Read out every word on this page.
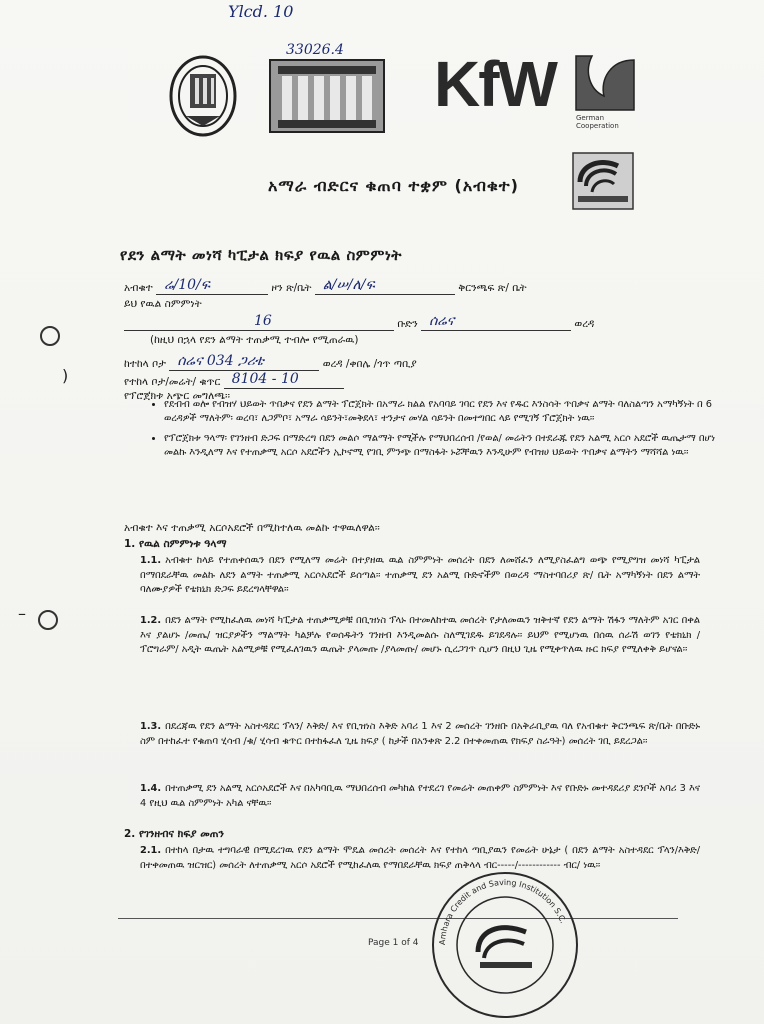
Ylcd. 10
33026.4 KfW	German Cooperation
አማራ ብድርና ቁጠባ ተቋም (አብቁተ)
የደን ልማት መነሻ ካፒታል ክፍያ የዉል ስምምነት
አብቁተ ሬ/10/ፍ	ዞን ጽ/ቤት ል/ሠ/ለ/ፍ	ቅርንጫፍ ጽ/ ቤት
ይህ የዉል ስምምነት
16	ቡድን ሰሬና	ወረዳ
(ከዚህ በኋላ የደን ልማት ተጠቃሚ ተብሎ የሚጠራዉ)
ከተከላ ቦታ ሰሬና 034 ጋሪቴ	ወረዳ /ቀበሌ /ጎጥ ጣቢያ
የተከላ ቦታ/መሬት/ ቁጥር 8104 - 10
የፕሮጀክቱ አጭር መግለጫ፡፡
• የደብብ ወሎ የብዝሃ ህይወት ጥበቃና የደን ልማት ፕሮጀክት በአማራ ክልል የአባባይ ገባር የደን እና የዱር እንስሳት ጥበቃና ልማት ባለስልጣን አማካኝነት በ 6 ወረዳዎች ማለትም፡ ወረባ፣ ለጋምቦ፣ አማራ ሳይንት፣መቅደላ፣ ተንታና መሃል ሳይንት በመተግበር ላይ የሚገኝ ፕሮጀክት ነዉ፡፡
• የፕሮጀክቱ ዓላማ፡ የገንዘብ ድጋፍ በማድረግ በደን መልሶ ማልማት የሚችሉ የማህበረሰብ /የወል/ መሬትን በተደራጁ የደን አልሚ አርሶ አደሮች ዉጤታማ በሆነ መልኩ እንዲለማ እና የተጠቃሚ አርሶ አደሮችን ኢኮኖሚ የገቢ ምንጭ በማስፋት ኑሯቸዉን እንዲሁም የብዝሀ ህይወት ጥበቃና ልማትን ማሻሻል ነዉ፡፡
አብቁተ እና ተጠቃሚ አርሶአደሮች በሚከተለዉ መልኩ ተዋዉለዋል፡፡
1. የዉል ስምምነቱ ዓላማ
1.1. አብቁተ ከላይ የተጠቀሰዉን በደን የሚለማ መሬት በተያዘዉ ዉል ስምምነት መሰረት በደን ለመሸፈን ለሚያስፈልግ ወጭ የሚያግዝ መነሻ ካፒታል በማበደራቸዉ መልኩ ለደን ልማት ተጠቃሚ አርሶአደሮች ይሰጣል፡፡ ተጠቃሚ ደን አልሚ ቡድኖችም በወረዳ ማስተባበሪያ ጽ/ ቤት አማካኝነት በደን ልማት ባለሙያዎች የቴክኒክ ድጋፍ ይደረግላቸዋል፡፡
1.2. በደን ልማት የሚከፈለዉ መነሻ ካፒታል ተጠቃሚዎቹ በቢዝነስ ፕላኑ በተመለከተዉ መሰረት የታለመዉን ዝቅተኛ የደን ልማት ሽፋን ማለትም አገር በቀል እና ያልሆኑ /መጤ/ ዝርያዎችን ማልማት ካልቻሉ የወሰዱትን ገንዘብ እንዲመልሱ ስለሚገደዱ ይገደዳሉ፡፡ ይህም የሚሆነዉ በሰዉ ሰራሽ ወገን የቴክኒክ /ፕሮግራም/ አዲት ዉጤት አልሚዎቹ የሚፈለገዉን ዉጤት ያላመጡ /ያላመጡ/ መሆኑ ሲረጋገጥ ሲሆን በዚህ ጊዜ የሚቀጥለዉ ዙር ክፍያ የሚለቀቅ ይሆናል፡፡
1.3. በደረጃዉ የደን ልማት አስተዳደር ፕላን/ እቅድ/ እና የቢዝነስ እቅድ አባሪ 1 እና 2 መሰረት ገንዘቡ በአቅራቢያዉ ባለ የአብቁተ ቅርንጫፍ ጽ/ቤት በቡድኑ ስም በተከፈተ የቁጠባ ሂሳብ /ቁ/ ሂሳብ ቁጥር በተከፋፈለ ጊዜ ክፍያ ( ከታች በአንቀጽ 2.2 በተቀመጠዉ የክፍያ ስራዓት) መሰረት ገቢ ይደረጋል፡፡
1.4. በተጠቃሚ ደን አልሚ አርሶአደሮች እና በአካባቢዉ ማህበረሰብ መካከል የተደረገ የመሬት መጠቀም ስምምነት እና የቡድኑ መተዳደሪያ ደንቦች አባሪ 3 እና 4 የዚህ ዉል ስምምነት አካል ናቸዉ፡፡
2. የገንዘብና ክፍያ መጠን
2.1. በተከላ በታዉ ተግባራዊ በሚደረገዉ የደን ልማት ሞዴል መሰረት መሰረት እና የተከላ ጣቢያዉን የመሬት ሁኔታ ( በደን ልማት አስተዳደር ፕላን/እቅድ/ በተቀመጠዉ ዝርዝር) መሰረት ለተጠቃሚ አርሶ አደሮች የሚከፈለዉ የማበደራቸዉ ክፍያ ጠቅላላ ብር-----/------------ ብር/ ነዉ፡፡
)
–
Page 1 of 4 Amhara Credit and Saving Institution S.C.
